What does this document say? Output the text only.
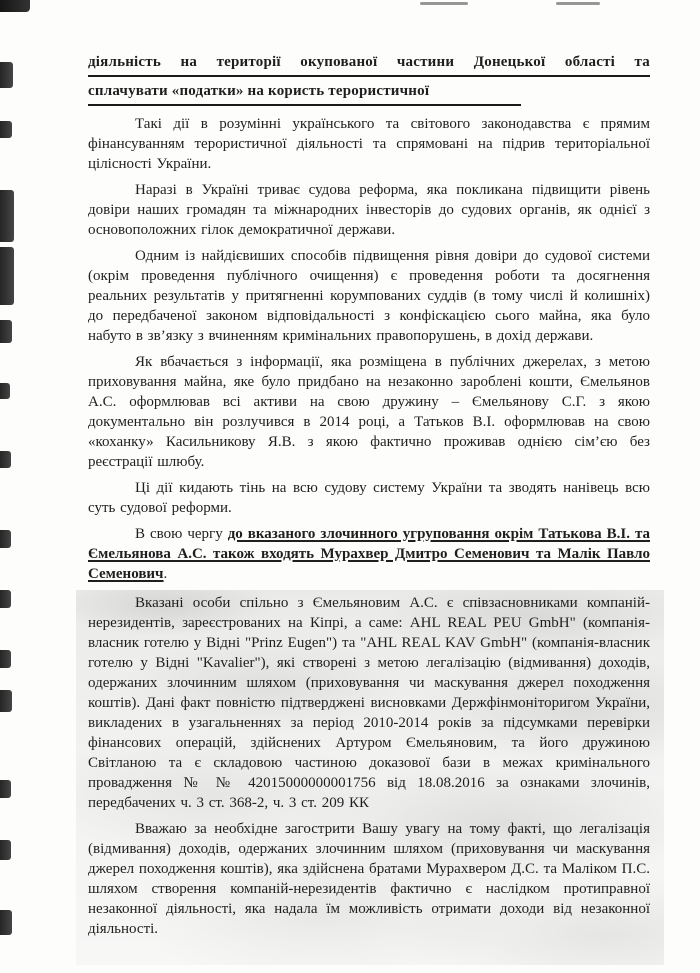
діяльність на території окупованої частини Донецької області та
сплачувати «податки» на користь терористичної

Такі дії в розумінні українського та світового законодавства є прямим фінансуванням терористичної діяльності та спрямовані на підрив територіальної цілісності України.

Наразі в Україні триває судова реформа, яка покликана підвищити рівень довіри наших громадян та міжнародних інвесторів до судових органів, як однієї з основоположних гілок демократичної держави.

Одним із найдієвиших способів підвищення рівня довіри до судової системи (окрім проведення публічного очищення) є проведення роботи та досягнення реальних результатів у притягненні корумпованих суддів (в тому числі й колишніх) до передбаченої законом відповідальності з конфіскацією сього майна, яка було набуто в зв’язку з вчиненням кримінальних правопорушень, в дохід держави.

Як вбачається з інформації, яка розміщена в публічних джерелах, з метою приховування майна, яке було придбано на незаконно зароблені кошти, Ємельянов А.С. оформлював всі активи на свою дружину – Ємельянову С.Г. з якою документально він розлучився в 2014 році, а Татьков В.І. оформлював на свою «коханку» Касильникову Я.В. з якою фактично проживав однією сім’єю без реєстрації шлюбу.

Ці дії кидають тінь на всю судову систему України та зводять нанівець всю суть судової реформи.

В свою чергу до вказаного злочинного угруповання окрім Татькова В.І. та Ємельянова А.С. також входять Мурахвер Дмитро Семенович та Малік Павло Семенович.

Вказані особи спільно з Ємельяновим А.С. є співзасновниками компаній-нерезидентів, зареєстрованих на Кіпрі, а саме: AHL REAL PEU GmbH" (компанія-власник готелю у Відні "Prinz Eugen") та "AHL REAL KAV GmbH" (компанія-власник готелю у Відні "Kavalier"), які створені з метою легалізацію (відмивання) доходів, одержаних злочинним шляхом (приховування чи маскування джерел походження коштів). Дані факт повністю підтверджені висновками Держфінмоніторигом України, викладених в узагальненнях за період 2010-2014 років за підсумками перевірки фінансових операцій, здійснених Артуром Ємельяновим, та його дружиною Світланою та є складовою частиною доказової бази в межах кримінального провадження № № 42015000000001756 від 18.08.2016 за ознаками злочинів, передбачених ч. 3 ст. 368-2, ч. 3 ст. 209 КК

Вважаю за необхідне загострити Вашу увагу на тому факті, що легалізація (відмивання) доходів, одержаних злочинним шляхом (приховування чи маскування джерел походження коштів), яка здійснена братами Мурахвером Д.С. та Маліком П.С. шляхом створення компаній-нерезидентів фактично є наслідком протиправної незаконної діяльності, яка надала їм можливість отримати доходи від незаконної діяльності.
